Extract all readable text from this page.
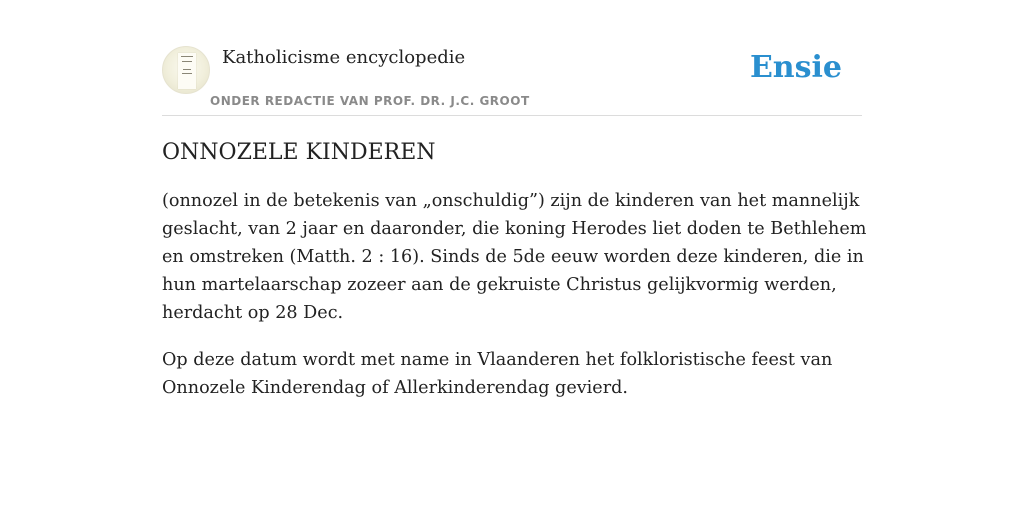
Katholicisme encyclopedie
ONDER REDACTIE VAN PROF. DR. J.C. GROOT
Ensie
ONNOZELE KINDEREN

(onnozel in de betekenis van „onschuldig”) zijn de kinderen van het mannelijk geslacht, van 2 jaar en daaronder, die koning Herodes liet doden te Bethlehem en omstreken (Matth. 2 : 16). Sinds de 5de eeuw worden deze kinderen, die in hun martelaarschap zozeer aan de gekruiste Christus gelijkvormig werden, herdacht op 28 Dec.

Op deze datum wordt met name in Vlaanderen het folkloristische feest van Onnozele Kinderendag of Allerkinderendag gevierd.
